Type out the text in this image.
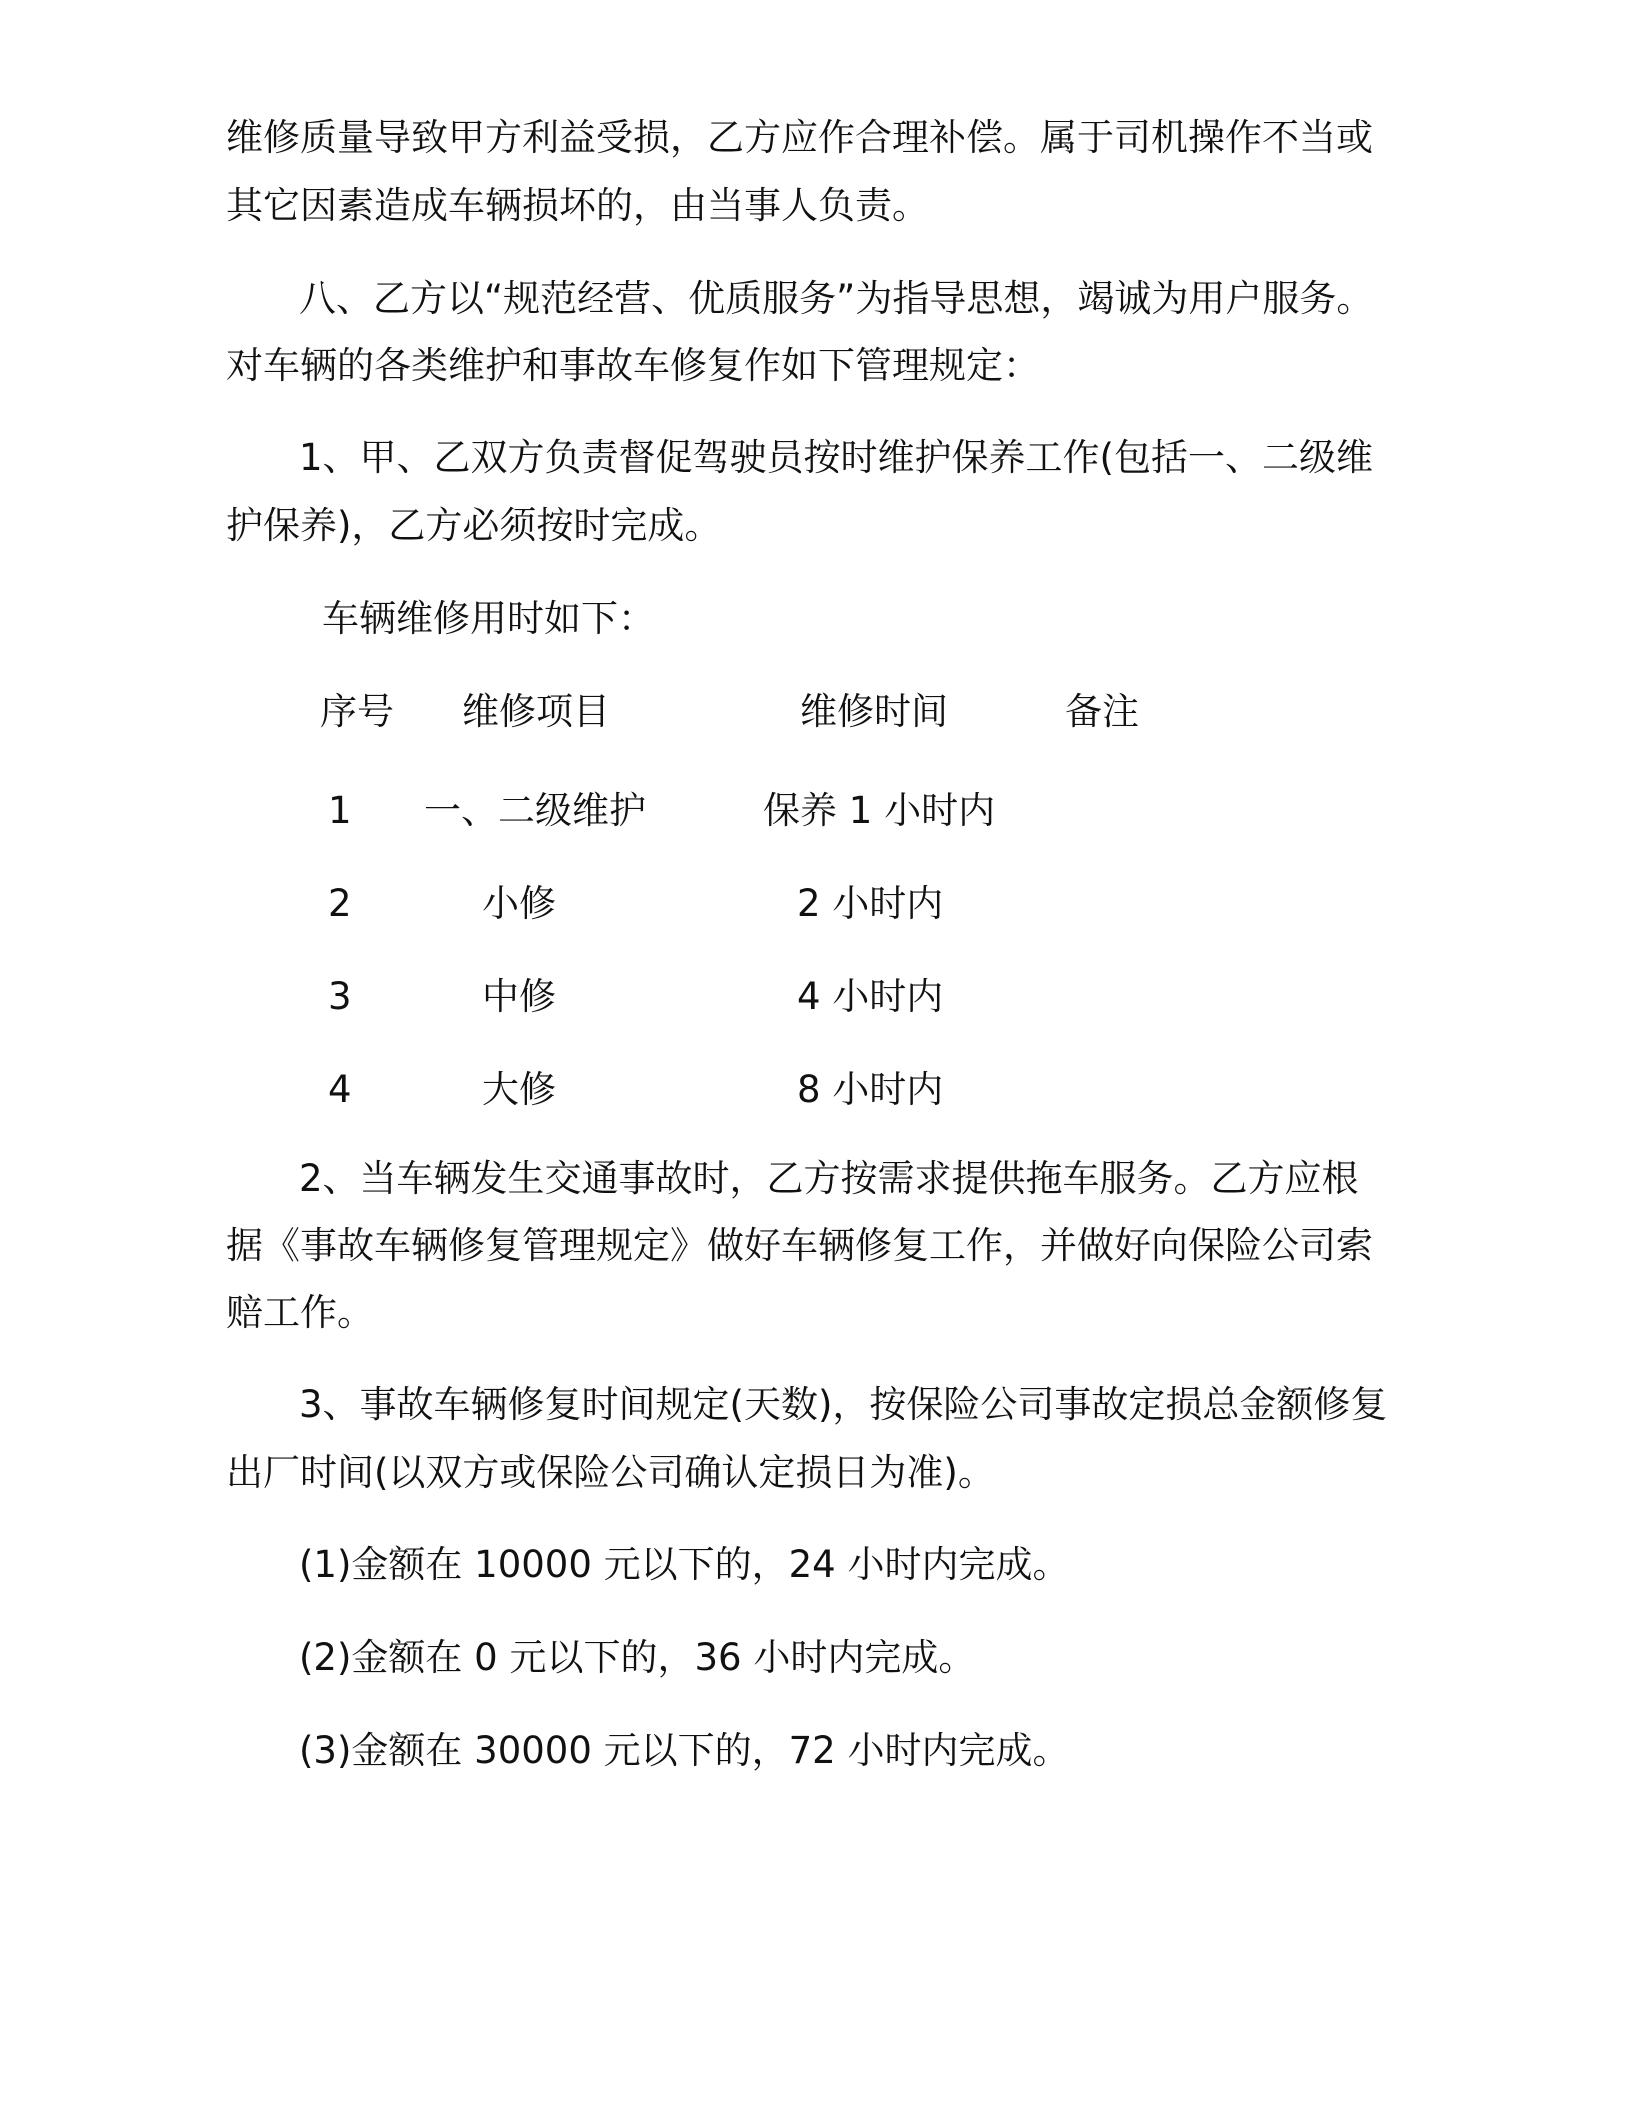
维修质量导致甲方利益受损，乙方应作合理补偿。属于司机操作不当或
其它因素造成车辆损坏的，由当事人负责。
八、乙方以“规范经营、优质服务”为指导思想，竭诚为用户服务。
对车辆的各类维护和事故车修复作如下管理规定：
1、甲、乙双方负责督促驾驶员按时维护保养工作(包括一、二级维
护保养)，乙方必须按时完成。
车辆维修用时如下：
序号 维修项目	维修时间	备注
1 一、二级维护	保养 1 小时内
2	小修	2 小时内
3	中修	4 小时内
4	大修	8 小时内
2、当车辆发生交通事故时，乙方按需求提供拖车服务。乙方应根
据《事故车辆修复管理规定》做好车辆修复工作，并做好向保险公司索
赔工作。
3、事故车辆修复时间规定(天数)，按保险公司事故定损总金额修复
出厂时间(以双方或保险公司确认定损日为准)。
(1)金额在 10000 元以下的，24 小时内完成。
(2)金额在 0 元以下的，36 小时内完成。
(3)金额在 30000 元以下的，72 小时内完成。
